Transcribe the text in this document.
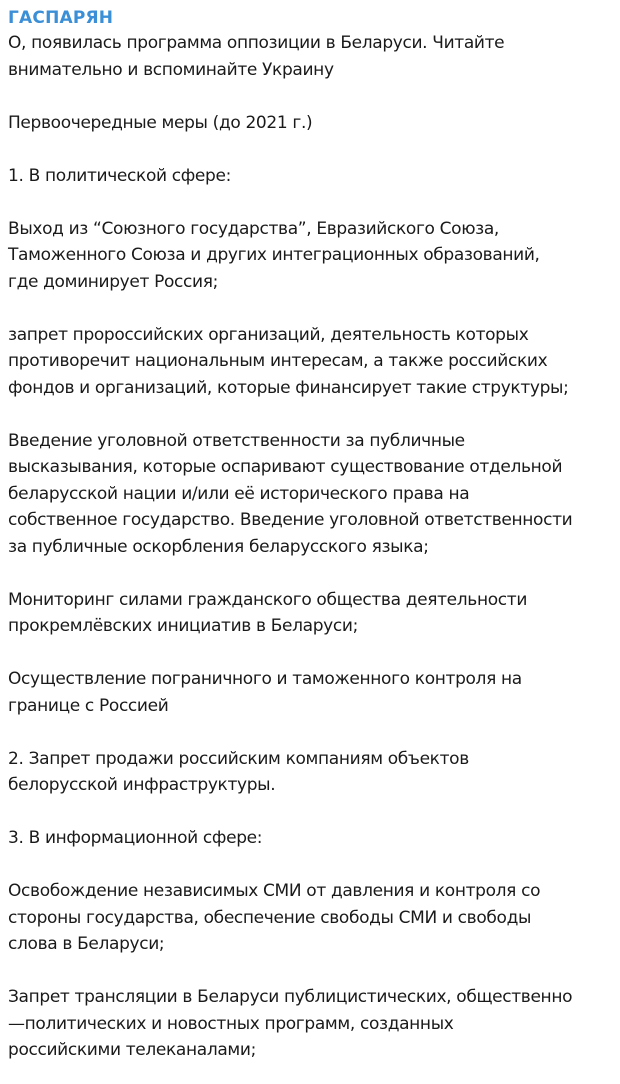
ГАСПАРЯН

О, появилась программа оппозиции в Беларуси. Читайте
внимательно и вспоминайте Украину

Первоочередные меры (до 2021 г.)

1. В политической сфере:

Выход из “Союзного государства”, Евразийского Союза,
Таможенного Союза и других интеграционных образований,
где доминирует Россия;

запрет пророссийских организаций, деятельность которых
противоречит национальным интересам, а также российских
фондов и организаций, которые финансирует такие структуры;

Введение уголовной ответственности за публичные
высказывания, которые оспаривают существование отдельной
беларусской нации и/или её исторического права на
собственное государство. Введение уголовной ответственности
за публичные оскорбления беларусского языка;

Мониторинг силами гражданского общества деятельности
прокремлёвских инициатив в Беларуси;

Осуществление пограничного и таможенного контроля на
границе с Россией

2. Запрет продажи российским компаниям объектов
белорусской инфраструктуры.

3. В информационной сфере:

Освобождение независимых СМИ от давления и контроля со
стороны государства, обеспечение свободы СМИ и свободы
слова в Беларуси;

Запрет трансляции в Беларуси публицистических, общественно
—политических и новостных программ, созданных
российскими телеканалами;
